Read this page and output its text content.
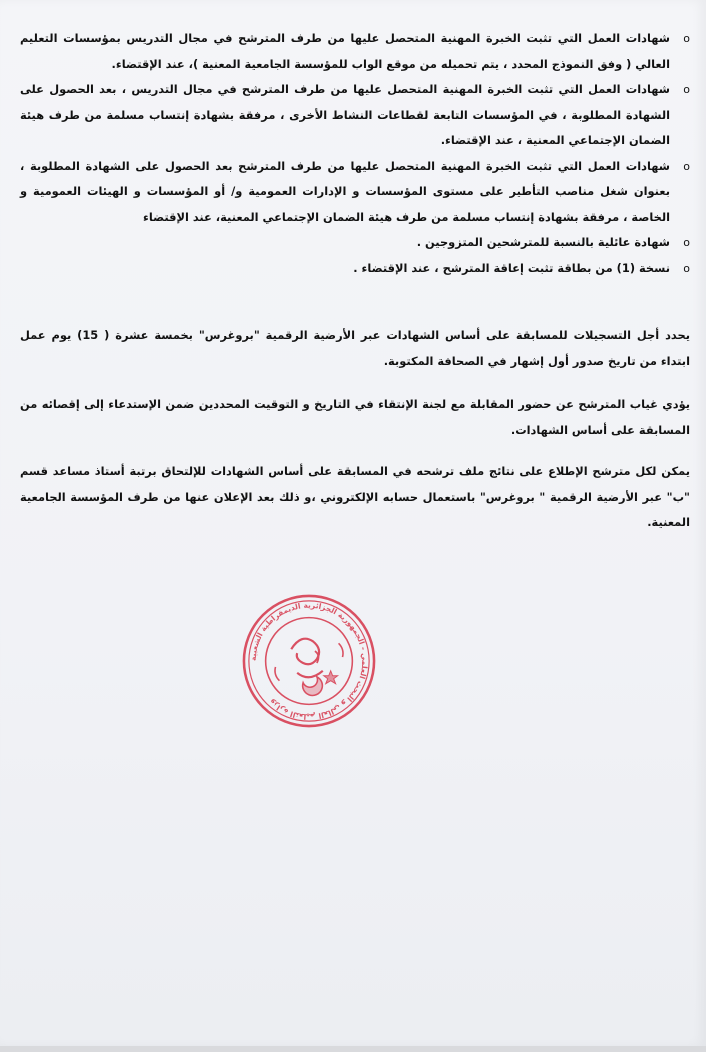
o
شهادات العمل التي تثبت الخبرة المهنية المتحصل عليها من طرف المترشح في مجال التدريس بمؤسسات التعليم العالي ( وفق النموذج المحدد ، يتم تحميله من موقع الواب للمؤسسة الجامعية المعنية )، عند الإقتضاء.
o
شهادات العمل التي تثبت الخبرة المهنية المتحصل عليها من طرف المترشح في مجال التدريس ، بعد الحصول على الشهادة المطلوبة ، في المؤسسات التابعة لقطاعات النشاط الأخرى ، مرفقة بشهادة إنتساب مسلمة من طرف هيئة الضمان الإجتماعي المعنية ، عند الإقتضاء.
o
شهادات العمل التي تثبت الخبرة المهنية المتحصل عليها من طرف المترشح بعد الحصول على الشهادة المطلوبة ، بعنوان شغل مناصب التأطير على مستوى المؤسسات و الإدارات العمومية و/ أو المؤسسات و الهيئات العمومية و الخاصة ، مرفقة بشهادة إنتساب مسلمة من طرف هيئة الضمان الإجتماعي المعنية، عند الإقتضاء
o
شهادة عائلية بالنسبة للمترشحين المتزوجين .
o
نسخة (1) من بطاقة تثبت إعاقة المترشح ، عند الإقتضاء .

يحدد أجل التسجيلات للمسابقة على أساس الشهادات عبر الأرضية الرقمية "بروغرس" بخمسة عشرة ( 15) يوم عمل ابتداء من تاريخ صدور أول إشهار في الصحافة المكتوبة.

يؤدي غياب المترشح عن حضور المقابلة مع لجنة الإنتقاء في التاريخ و التوقيت المحددين ضمن الإستدعاء إلى إقصائه من المسابقة على أساس الشهادات.

يمكن لكل مترشح الإطلاع على نتائج ملف ترشحه في المسابقة على أساس الشهادات للإلتحاق برتبة أستاذ مساعد قسم "ب" عبر الأرضية الرقمية " بروغرس" باستعمال حسابه الإلكتروني ،و ذلك بعد الإعلان عنها من طرف المؤسسة الجامعية المعنية.

وزارة التعليم العالي و البحث العلمي - الجمهورية الجزائرية الديمقراطية الشعبية
